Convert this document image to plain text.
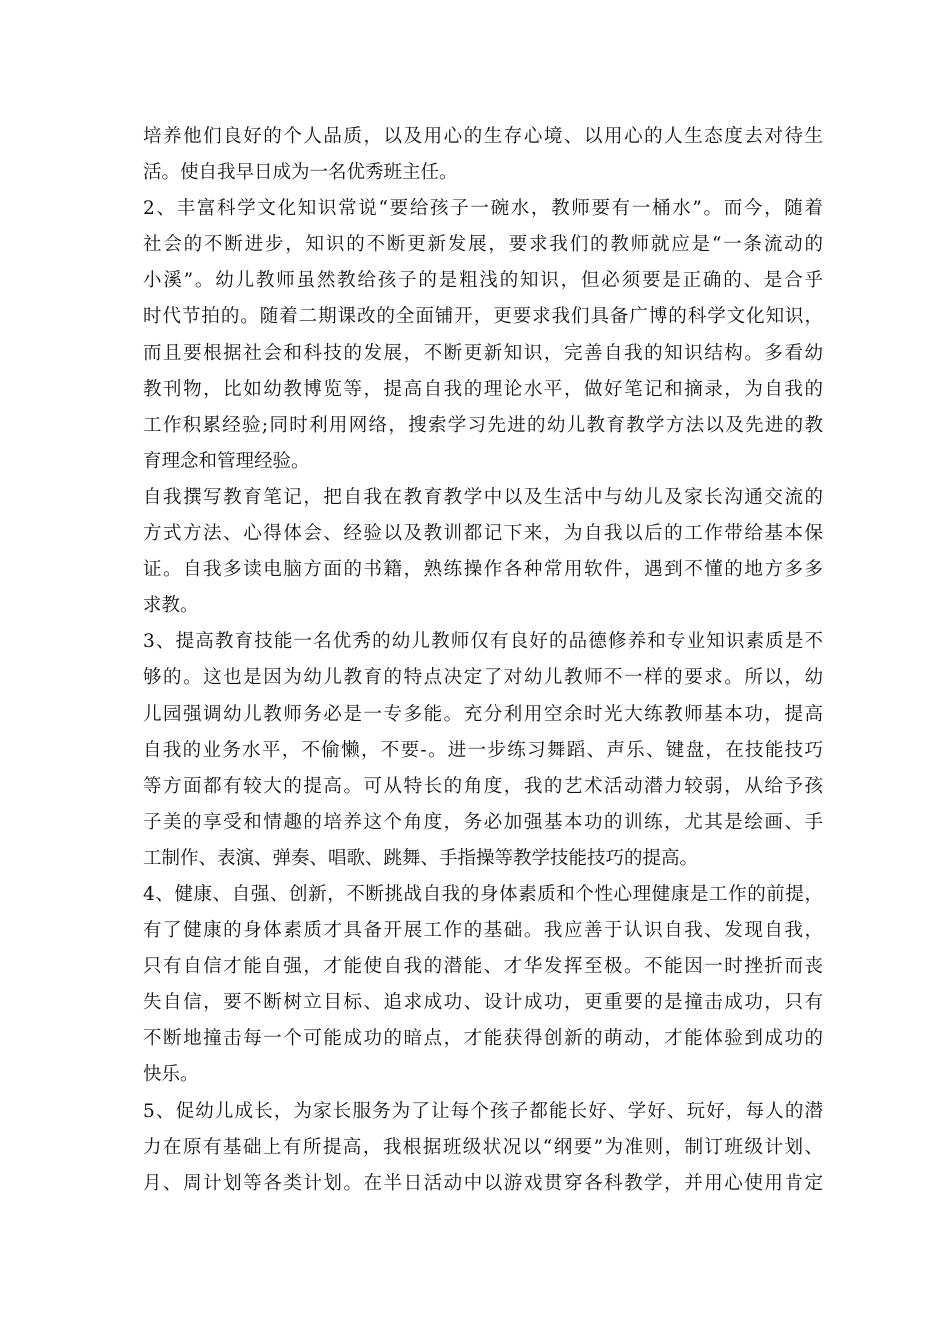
培养他们良好的个人品质，以及用心的生存心境、以用心的人生态度去对待生
活。使自我早日成为一名优秀班主任。
2、丰富科学文化知识常说“要给孩子一碗水，教师要有一桶水”。而今，随着
社会的不断进步，知识的不断更新发展，要求我们的教师就应是“一条流动的
小溪”。幼儿教师虽然教给孩子的是粗浅的知识，但必须要是正确的、是合乎
时代节拍的。随着二期课改的全面铺开，更要求我们具备广博的科学文化知识，
而且要根据社会和科技的发展，不断更新知识，完善自我的知识结构。多看幼
教刊物，比如幼教博览等，提高自我的理论水平，做好笔记和摘录，为自我的
工作积累经验;同时利用网络，搜索学习先进的幼儿教育教学方法以及先进的教
育理念和管理经验。
自我撰写教育笔记，把自我在教育教学中以及生活中与幼儿及家长沟通交流的
方式方法、心得体会、经验以及教训都记下来，为自我以后的工作带给基本保
证。自我多读电脑方面的书籍，熟练操作各种常用软件，遇到不懂的地方多多
求教。
3、提高教育技能一名优秀的幼儿教师仅有良好的品德修养和专业知识素质是不
够的。这也是因为幼儿教育的特点决定了对幼儿教师不一样的要求。所以，幼
儿园强调幼儿教师务必是一专多能。充分利用空余时光大练教师基本功，提高
自我的业务水平，不偷懒，不要-。进一步练习舞蹈、声乐、键盘，在技能技巧
等方面都有较大的提高。可从特长的角度，我的艺术活动潜力较弱，从给予孩
子美的享受和情趣的培养这个角度，务必加强基本功的训练，尤其是绘画、手
工制作、表演、弹奏、唱歌、跳舞、手指操等教学技能技巧的提高。
4、健康、自强、创新，不断挑战自我的身体素质和个性心理健康是工作的前提，
有了健康的身体素质才具备开展工作的基础。我应善于认识自我、发现自我，
只有自信才能自强，才能使自我的潜能、才华发挥至极。不能因一时挫折而丧
失自信，要不断树立目标、追求成功、设计成功，更重要的是撞击成功，只有
不断地撞击每一个可能成功的暗点，才能获得创新的萌动，才能体验到成功的
快乐。
5、促幼儿成长，为家长服务为了让每个孩子都能长好、学好、玩好，每人的潜
力在原有基础上有所提高，我根据班级状况以“纲要”为准则，制订班级计划、
月、周计划等各类计划。在半日活动中以游戏贯穿各科教学，并用心使用肯定
